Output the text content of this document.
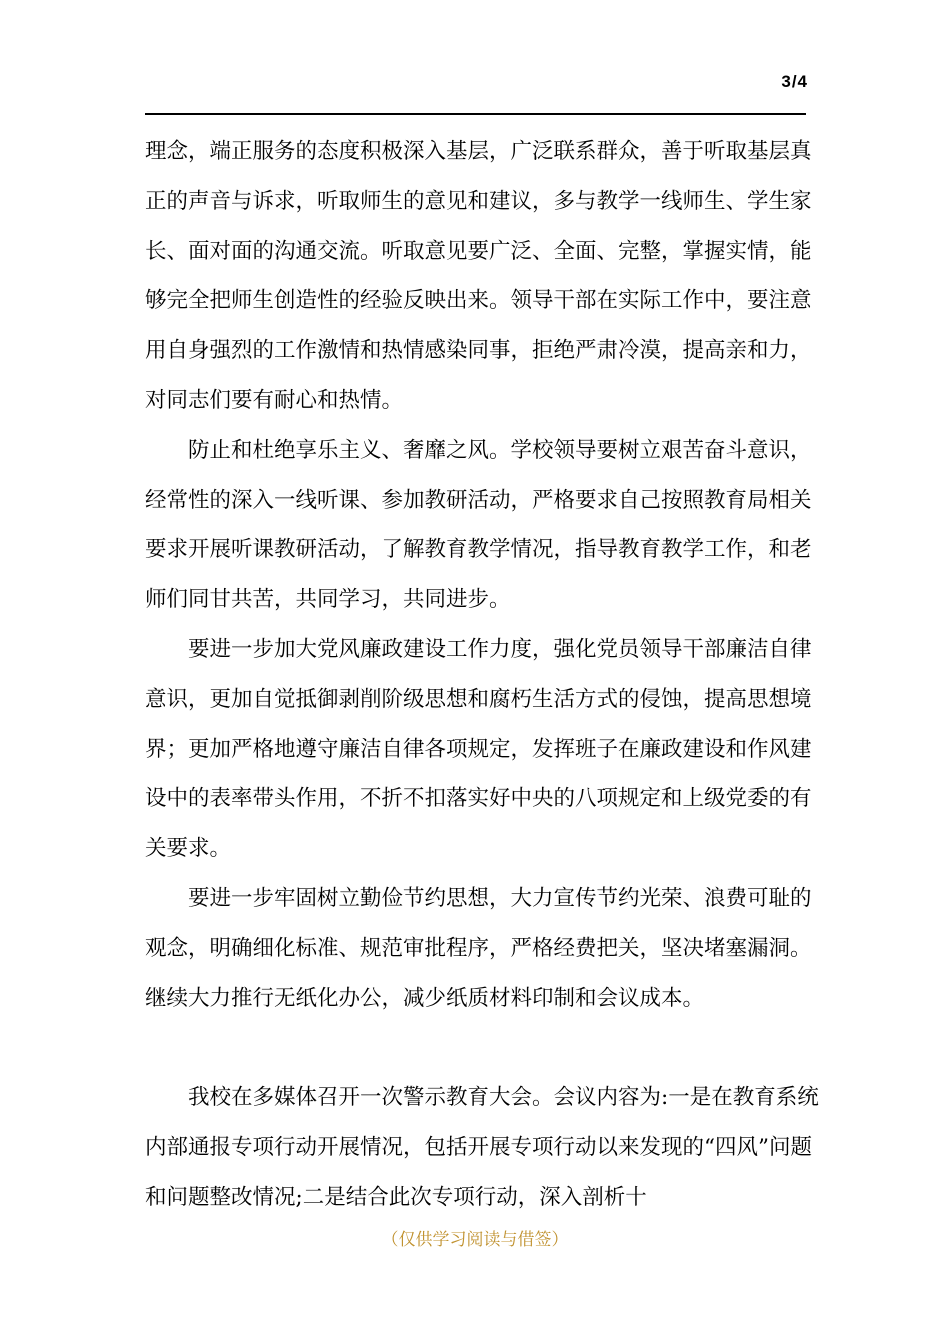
3/4

理念，端正服务的态度积极深入基层，广泛联系群众，善于听取基层真正的声音与诉求，听取师生的意见和建议，多与教学一线师生、学生家长、面对面的沟通交流。听取意见要广泛、全面、完整，掌握实情，能够完全把师生创造性的经验反映出来。领导干部在实际工作中，要注意用自身强烈的工作激情和热情感染同事，拒绝严肃冷漠，提高亲和力，对同志们要有耐心和热情。

防止和杜绝享乐主义、奢靡之风。学校领导要树立艰苦奋斗意识，经常性的深入一线听课、参加教研活动，严格要求自己按照教育局相关要求开展听课教研活动，了解教育教学情况，指导教育教学工作，和老师们同甘共苦，共同学习，共同进步。

要进一步加大党风廉政建设工作力度，强化党员领导干部廉洁自律意识，更加自觉抵御剥削阶级思想和腐朽生活方式的侵蚀，提高思想境界；更加严格地遵守廉洁自律各项规定，发挥班子在廉政建设和作风建设中的表率带头作用，不折不扣落实好中央的八项规定和上级党委的有关要求。

要进一步牢固树立勤俭节约思想，大力宣传节约光荣、浪费可耻的观念，明确细化标准、规范审批程序，严格经费把关，坚决堵塞漏洞。继续大力推行无纸化办公，减少纸质材料印制和会议成本。

我校在多媒体召开一次警示教育大会。会议内容为:一是在教育系统内部通报专项行动开展情况，包括开展专项行动以来发现的“四风”问题和问题整改情况;二是结合此次专项行动，深入剖析十

（仅供学习阅读与借签）
